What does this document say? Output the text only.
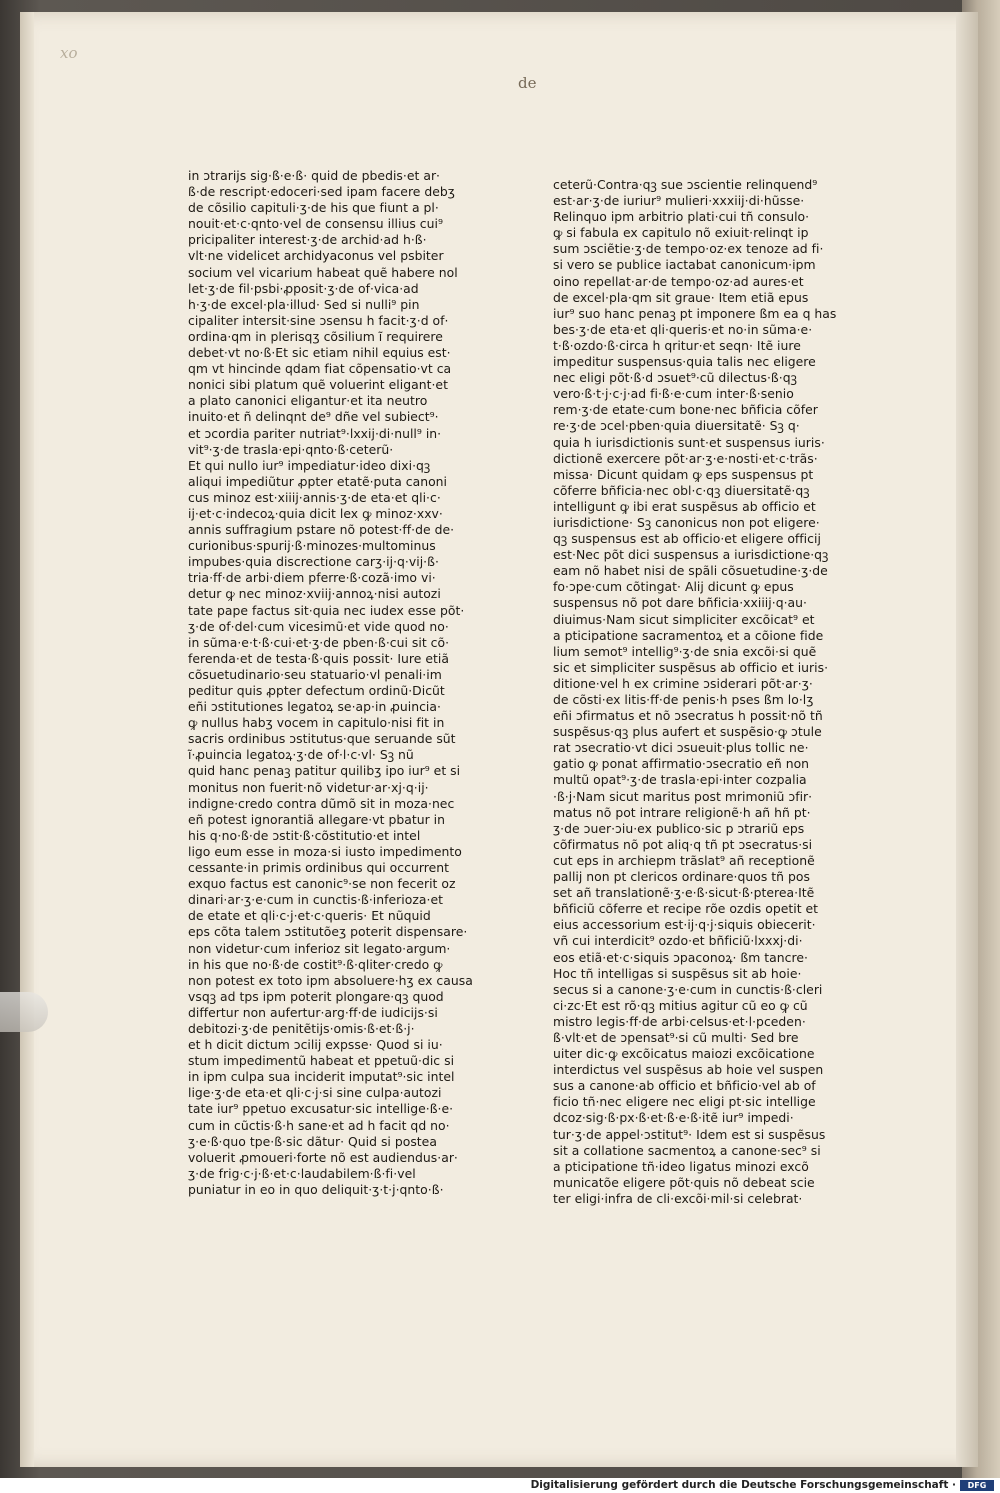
xo
de
in ɔtrarijs sig·ß·e·ß· quid de pbedis·et ar·
ß·de rescript·edoceri·sed ipam facere debʒ
de cõsilio capituli·ʒ·de his que fiunt a pl·
nouit·et·c·qnto·vel de consensu illius cui⁹
pricipaliter interest·ʒ·de archid·ad h·ß·
vlt·ne videlicet archidyaconus vel psbiter
socium vel vicarium habeat quẽ habere nol
let·ʒ·de fil·psbi·ꝓposit·ʒ·de of·vica·ad
h·ʒ·de excel·pla·illud· Sed si nulli⁹ pin
cipaliter intersit·sine ɔsensu h facit·ʒ·d of·
ordina·qm in plerisqʒ cõsilium ĩ requirere
debet·vt no·ß·Et sic etiam nihil equius est·
qm vt hincinde qdam fiat cõpensatio·vt ca
nonici sibi platum quẽ voluerint eligant·et
a plato canonici eligantur·et ita neutro
inuito·et ñ delinqnt de⁹ dñe vel subiect⁹·
et ɔcordia pariter nutriat⁹·lxxij·di·null⁹ in·
vit⁹·ʒ·de trasla·epi·qnto·ß·ceterũ·
Et qui nullo iur⁹ impediatur·ideo dixi·qꝫ
aliqui impediũtur ꝓpter etatẽ·puta canoni
cus minoz est·xiiij·annis·ʒ·de eta·et qli·c·
ij·et·c·indecoꝝ·quia dicit lex ꝙ minoz·xxv·
annis suffragium pstare nõ potest·ff·de de·
curionibus·spurij·ß·minozes·multominus
impubes·quia discrectione carʒ·ij·q·vij·ß·
tria·ff·de arbi·diem pferre·ß·cozã·imo vi·
detur ꝙ nec minoz·xviij·annoꝝ·nisi autozi
tate pape factus sit·quia nec iudex esse põt·
ʒ·de of·del·cum vicesimũ·et vide quod no·
in sũma·e·t·ß·cui·et·ʒ·de pben·ß·cui sit cõ·
ferenda·et de testa·ß·quis possit· Iure etiã
cõsuetudinario·seu statuario·vl penali·im
peditur quis ꝓpter defectum ordinũ·Dicũt
eñi ɔstitutiones legatoꝝ se·ap·in ꝓuincia·
ꝙ nullus habʒ vocem in capitulo·nisi fit in
sacris ordinibus ɔstitutus·que seruande sũt
ĩ·ꝓuincia legatoꝝ·ʒ·de of·l·c·vl· Sꝫ nũ
quid hanc penaꝫ patitur quilibʒ ipo iur⁹ et si
monitus non fuerit·nõ videtur·ar·xj·q·ij·
indigne·credo contra dũmõ sit in moza·nec
eñ potest ignorantiã allegare·vt pbatur in
his q·no·ß·de ɔstit·ß·cõstitutio·et intel
ligo eum esse in moza·si iusto impedimento
cessante·in primis ordinibus qui occurrent
exquo factus est canonic⁹·se non fecerit oz
dinari·ar·ʒ·e·cum in cunctis·ß·inferioza·et
de etate et qli·c·j·et·c·queris· Et nũquid
eps cõta talem ɔstitutõeʒ poterit dispensare·
non videtur·cum inferioz sit legato·argum·
in his que no·ß·de costit⁹·ß·qliter·credo ꝙ
non potest ex toto ipm absoluere·hʒ ex causa
vsqꝫ ad tps ipm poterit plongare·qꝫ quod
differtur non aufertur·arg·ff·de iudicijs·si
debitozi·ʒ·de penitẽtijs·omis·ß·et·ß·j·
et h dicit dictum ɔcilij expsse· Quod si iu·
stum impedimentũ habeat et ppetuũ·dic si
in ipm culpa sua inciderit imputat⁹·sic intel
lige·ʒ·de eta·et qli·c·j·si sine culpa·autozi
tate iur⁹ ppetuo excusatur·sic intellige·ß·e·
cum in cũctis·ß·h sane·et ad h facit qd no·
ʒ·e·ß·quo tpe·ß·sic dãtur· Quid si postea
voluerit ꝓmoueri·forte nõ est audiendus·ar·
ʒ·de frig·c·j·ß·et·c·laudabilem·ß·fi·vel
puniatur in eo in quo deliquit·ʒ·t·j·qnto·ß·
ceterũ·Contra·qꝫ sue ɔscientie relinquend⁹
est·ar·ʒ·de iuriur⁹ mulieri·xxxiij·di·hũsse·
Relinquo ipm arbitrio plati·cui tñ consulo·
ꝙ si fabula ex capitulo nõ exiuit·relinqt ip
sum ɔsciẽtie·ʒ·de tempo·oz·ex tenoze ad fi·
si vero se publice iactabat canonicum·ipm
oino repellat·ar·de tempo·oz·ad aures·et
de excel·pla·qm sit graue· Item etiã epus
iur⁹ suo hanc penaꝫ pt imponere ßm ea q has
bes·ʒ·de eta·et qli·queris·et no·in sũma·e·
t·ß·ozdo·ß·circa h qritur·et seqn· Itẽ iure
impeditur suspensus·quia talis nec eligere
nec eligi põt·ß·d ɔsuet⁹·cũ dilectus·ß·qꝫ
vero·ß·t·j·c·j·ad fi·ß·e·cum inter·ß·senio
rem·ʒ·de etate·cum bone·nec bñficia cõfer
re·ʒ·de ɔcel·pben·quia diuersitatẽ· Sꝫ q·
quia h iurisdictionis sunt·et suspensus iuris·
dictionẽ exercere põt·ar·ʒ·e·nosti·et·c·trãs·
missa· Dicunt quidam ꝙ eps suspensus pt
cõferre bñficia·nec obl·c·qꝫ diuersitatẽ·qꝫ
intelligunt ꝙ ibi erat suspẽsus ab officio et
iurisdictione· Sꝫ canonicus non pot eligere·
qꝫ suspensus est ab officio·et eligere officij
est·Nec põt dici suspensus a iurisdictione·qꝫ
eam nõ habet nisi de spãli cõsuetudine·ʒ·de
fo·ɔpe·cum cõtingat· Alij dicunt ꝙ epus
suspensus nõ pot dare bñficia·xxiiij·q·au·
diuimus·Nam sicut simpliciter excõicat⁹ et
a pticipatione sacramentoꝝ et a cõione fide
lium semot⁹ intellig⁹·ʒ·de snia excõi·si quẽ
sic et simpliciter suspẽsus ab officio et iuris·
ditione·vel h ex crimine ɔsiderari põt·ar·ʒ·
de cõsti·ex litis·ff·de penis·h pses ßm lo·lʒ
eñi ɔfirmatus et nõ ɔsecratus h possit·nõ tñ
suspẽsus·qꝫ plus aufert et suspẽsio·ꝙ ɔtule
rat ɔsecratio·vt dici ɔsueuit·plus tollic ne·
gatio ꝙ ponat affirmatio·ɔsecratio eñ non
multũ opat⁹·ʒ·de trasla·epi·inter cozpalia
·ß·j·Nam sicut maritus post mrimoniũ ɔfir·
matus nõ pot intrare religionẽ·h añ hñ pt·
ʒ·de ɔuer·ɔiu·ex publico·sic p ɔtrariũ eps
cõfirmatus nõ pot aliq·q tñ pt ɔsecratus·si
cut eps in archiepm trãslat⁹ añ receptionẽ
pallij non pt clericos ordinare·quos tñ pos
set añ translationẽ·ʒ·e·ß·sicut·ß·pterea·Itẽ
bñficiũ cõferre et recipe rõe ozdis opetit et
eius accessorium est·ij·q·j·siquis obiecerit·
vñ cui interdicit⁹ ozdo·et bñficiũ·lxxxj·di·
eos etiã·et·c·siquis ɔpaconoꝝ· ßm tancre·
Hoc tñ intelligas si suspẽsus sit ab hoie·
secus si a canone·ʒ·e·cum in cunctis·ß·cleri
ci·zc·Et est rõ·qꝫ mitius agitur cũ eo ꝙ cũ
mistro legis·ff·de arbi·celsus·et·l·pceden·
ß·vlt·et de ɔpensat⁹·si cũ multi· Sed bre
uiter dic·ꝙ excõicatus maiozi excõicatione
interdictus vel suspẽsus ab hoie vel suspen
sus a canone·ab officio et bñficio·vel ab of
ficio tñ·nec eligere nec eligi pt·sic intellige
dcoz·sig·ß·px·ß·et·ß·e·ß·itẽ iur⁹ impedi·
tur·ʒ·de appel·ɔstitut⁹· Idem est si suspẽsus
sit a collatione sacmentoꝝ a canone·sec⁹ si
a pticipatione tñ·ideo ligatus minozi excõ
municatõe eligere põt·quis nõ debeat scie
ter eligi·infra de cli·excõi·mil·si celebrat·
Digitalisierung gefördert durch die Deutsche Forschungsgemeinschaft ·	DFG
